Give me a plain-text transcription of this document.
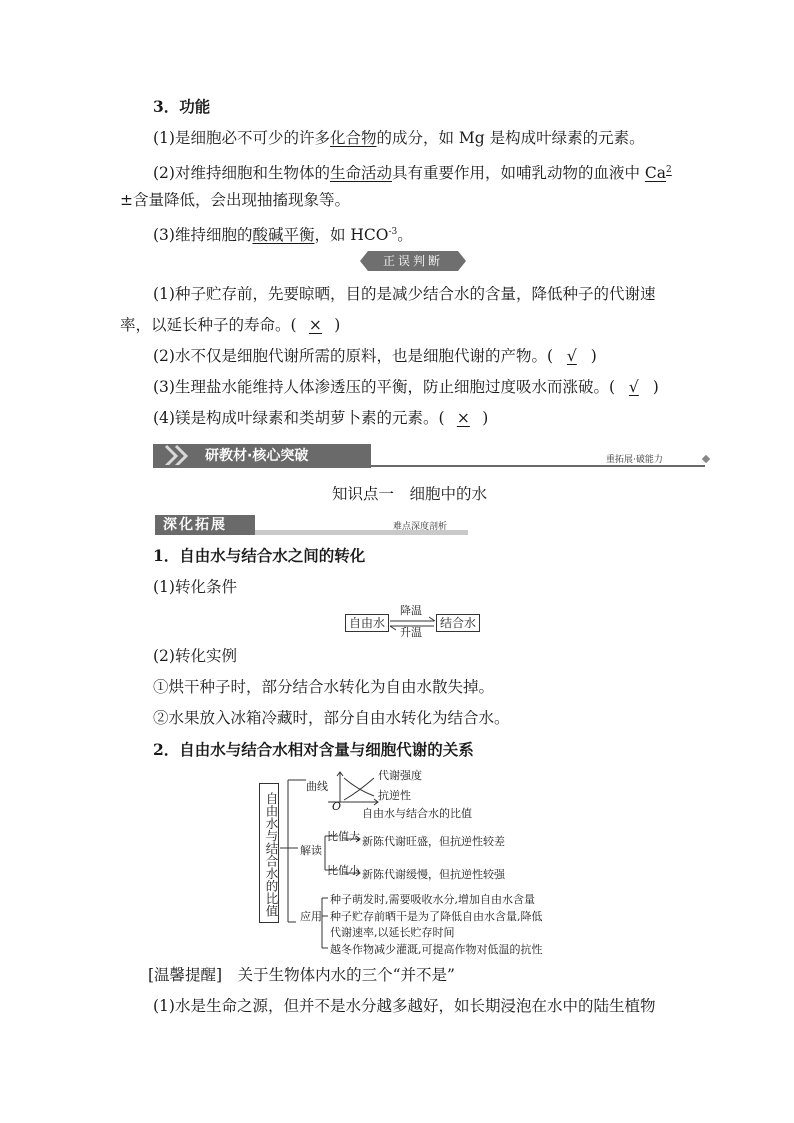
3．功能
(1)是细胞必不可少的许多化合物的成分，如 Mg 是构成叶绿素的元素。
(2)对维持细胞和生物体的生命活动具有重要作用，如哺乳动物的血液中 $Ca^2$
±含量降低，会出现抽搐现象等。
(3)维持细胞的酸碱平衡，如 $HCO^{-3}$。
正误判断
(1)种子贮存前，先要晾晒，目的是减少结合水的含量，降低种子的代谢速
率，以延长种子的寿命。( × )
(2)水不仅是细胞代谢所需的原料，也是细胞代谢的产物。( √ )
(3)生理盐水能维持人体渗透压的平衡，防止细胞过度吸水而涨破。( √ )
(4)镁是构成叶绿素和类胡萝卜素的元素。( × )
研教材·核心突破	重拓展·破能力
知识点一　细胞中的水
深化拓展	难点深度剖析
1．自由水与结合水之间的转化
(1)转化条件
自由水	结合水
降温
升温
(2)转化实例
①烘干种子时，部分结合水转化为自由水散失掉。
②水果放入冰箱冷藏时，部分自由水转化为结合水。
2．自由水与结合水相对含量与细胞代谢的关系
自由水与结合水的比值
曲线
O
代谢强度
抗逆性
自由水与结合水的比值
解读
比值大 新陈代谢旺盛，但抗逆性较差
比值小 新陈代谢缓慢，但抗逆性较强
应用
种子萌发时,需要吸收水分,增加自由水含量
种子贮存前晒干是为了降低自由水含量,降低
代谢速率,以延长贮存时间
越冬作物减少灌溉,可提高作物对低温的抗性
[温馨提醒]　关于生物体内水的三个“并不是”
(1)水是生命之源，但并不是水分越多越好，如长期浸泡在水中的陆生植物
